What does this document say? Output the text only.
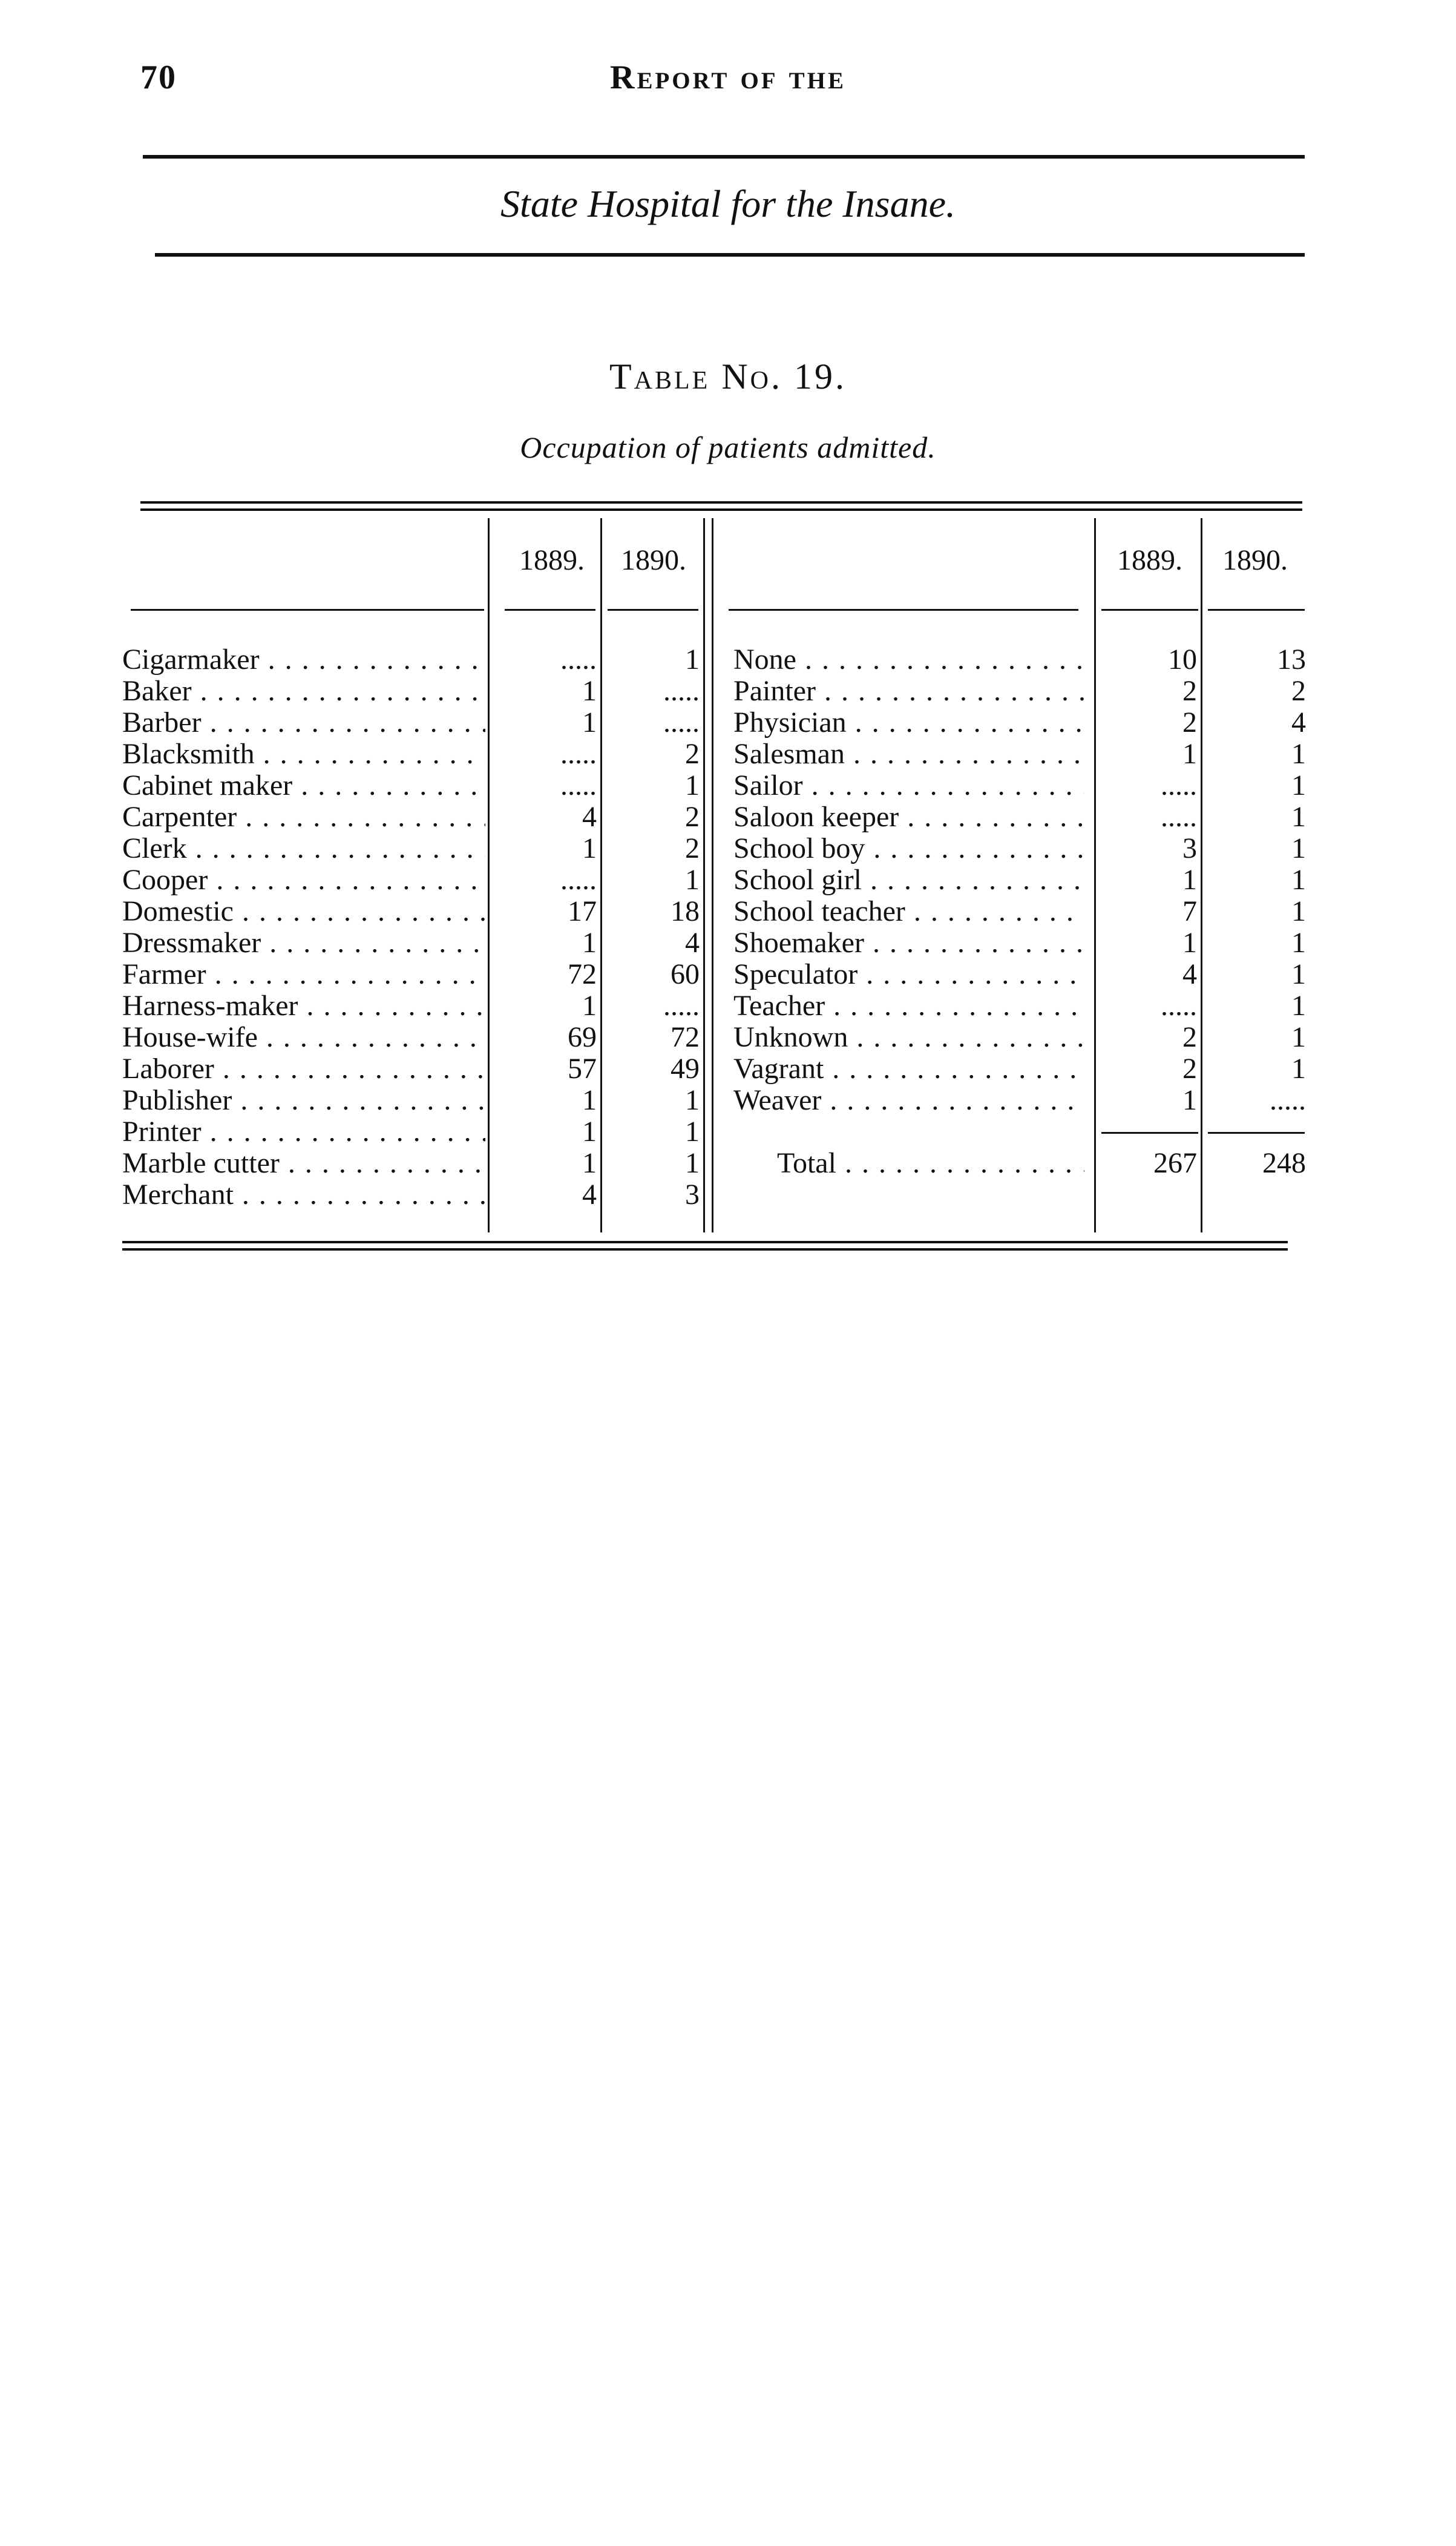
70	Report of the
State Hospital for the Insane.
Table No. 19.
Occupation of patients admitted.
1889.	1890.	1889.	1890.
Cigarmaker . . .	.....	1
Baker . . .	1	.....
Barber . . .	1	.....
Blacksmith . . .	.....	2
Cabinet maker . . .	.....	1
Carpenter . . .	4	2
Clerk . . .	1	2
Cooper . . .	.....	1
Domestic . . .	17	18
Dressmaker . . .	1	4
Farmer . . .	72	60
Harness-maker . . .	1	.....
House-wife . . .	69	72
Laborer . . .	57	49
Publisher . . .	1	1
Printer . . .	1	1
Marble cutter . . .	1	1
Merchant . . .	4	3
None . . .	10	13
Painter . . .	2	2
Physician . . .	2	4
Salesman . . .	1	1
Sailor . . .	.....	1
Saloon keeper . . .	.....	1
School boy . . .	3	1
School girl . . .	1	1
School teacher . . .	7	1
Shoemaker . . .	1	1
Speculator . . .	4	1
Teacher . . .	.....	1
Unknown . . .	2	1
Vagrant . . .	2	1
Weaver . . .	1	.....
Total . . .	267	248
